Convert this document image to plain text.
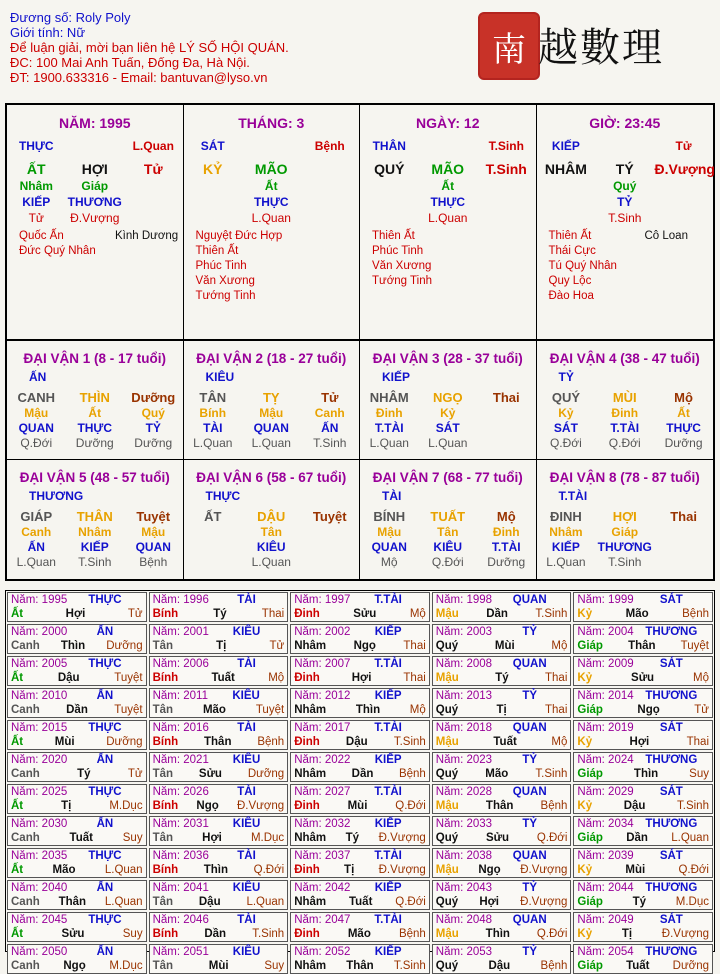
Đương số: Roly Poly
Giới tính: Nữ
Để luận giải, mời bạn liên hệ LÝ SỐ HỘI QUÁN.
ĐC: 100 Mai Anh Tuấn, Đống Đa, Hà Nội.
ĐT: 1900.633316 - Email: bantuvan@lyso.vn
南 越數理
NĂM: 1995
THỰC	L.Quan
ẤT	HỢI	Tử
Nhâm	Giáp
KIẾP	THƯƠNG
Tử	Đ.Vượng
Quốc Ấn
Đức Quý Nhân
Kình Dương
THÁNG: 3
SÁT	Bệnh
KỶ	MÃO
Ất
THỰC
L.Quan
Nguyệt Đức Hợp
Thiên Ất
Phúc Tinh
Văn Xương
Tướng Tinh
NGÀY: 12
THÂN	T.Sinh
QUÝ	MÃO	T.Sinh
Ất
THỰC
L.Quan
Thiên Ất
Phúc Tinh
Văn Xương
Tướng Tinh
GIỜ: 23:45
KIẾP	Tử
NHÂM	TÝ	Đ.Vượng
Quý
TỶ
T.Sinh
Thiên Ất
Thái Cực
Tú Quý Nhân
Quy Lộc
Đào Hoa
Cô Loan
ĐẠI VẬN 1 (8 - 17 tuổi)
ẤN
CANH	THÌN	Dưỡng
Mậu	Ất	Quý
QUAN	THỰC	TỶ
Q.Đới	Dưỡng	Dưỡng
ĐẠI VẬN 2 (18 - 27 tuổi)
KIÊU
TÂN	TỴ	Tử
Bính	Mậu	Canh
TÀI	QUAN	ẤN
L.Quan	L.Quan	T.Sinh
ĐẠI VẬN 3 (28 - 37 tuổi)
KIẾP
NHÂM	NGỌ	Thai
Đinh	Kỷ
T.TÀI	SÁT
L.Quan	L.Quan
ĐẠI VẬN 4 (38 - 47 tuổi)
TỶ
QUÝ	MÙI	Mộ
Kỷ	Đinh	Ất
SÁT	T.TÀI	THỰC
Q.Đới	Q.Đới	Dưỡng
ĐẠI VẬN 5 (48 - 57 tuổi)
THƯƠNG
GIÁP	THÂN	Tuyệt
Canh	Nhâm	Mậu
ẤN	KIẾP	QUAN
L.Quan	T.Sinh	Bệnh
ĐẠI VẬN 6 (58 - 67 tuổi)
THỰC
ẤT	DẬU	Tuyệt
Tân
KIÊU
L.Quan
ĐẠI VẬN 7 (68 - 77 tuổi)
TÀI
BÍNH	TUẤT	Mộ
Mậu	Tân	Đinh
QUAN	KIÊU	T.TÀI
Mộ	Q.Đới	Dưỡng
ĐẠI VẬN 8 (78 - 87 tuổi)
T.TÀI
ĐINH	HỢI	Thai
Nhâm	Giáp
KIẾP	THƯƠNG
L.Quan	T.Sinh
Năm: 1995 THỰC
Ất	Hợi	Tử
Năm: 1996 TÀI
Bính	Tý	Thai
Năm: 1997 T.TÀI
Đinh	Sửu	Mộ
Năm: 1998 QUAN
Mậu Dần T.Sinh
Năm: 1999 SÁT
Kỷ	Mão	Bệnh
Năm: 2000	ẤN
Canh Thìn Dưỡng
Năm: 2001 KIÊU
Tân	Tị	Tử
Năm: 2002 KIẾP
Nhâm Ngọ Thai
Năm: 2003	TỶ
Quý	Mùi	Mộ
Năm: 2004 THƯƠNG
Giáp Thân Tuyệt
Năm: 2005 THỰC
Ất	Dậu	Tuyệt
Năm: 2006 TÀI
Bính	Tuất	Mộ
Năm: 2007 T.TÀI
Đinh	Hợi	Thai
Năm: 2008 QUAN
Mậu	Tý	Thai
Năm: 2009 SÁT
Kỷ	Sửu	Mộ
Năm: 2010	ẤN
Canh Dần Tuyệt
Năm: 2011 KIÊU
Tân	Mão	Tuyệt
Năm: 2012 KIẾP
Nhâm	Thìn	Mộ
Năm: 2013	TỶ
Quý	Tị	Thai
Năm: 2014 THƯƠNG
Giáp	Ngọ	Tử
Năm: 2015 THỰC
Ất	Mùi	Dưỡng
Năm: 2016 TÀI
Bính Thân Bệnh
Năm: 2017 T.TÀI
Đinh Dậu T.Sinh
Năm: 2018 QUAN
Mậu	Tuất	Mộ
Năm: 2019 SÁT
Kỷ	Hợi	Thai
Năm: 2020	ẤN
Canh	Tý	Tử
Năm: 2021 KIÊU
Tân Sửu Dưỡng
Năm: 2022 KIẾP
Nhâm Dần Bệnh
Năm: 2023	TỶ
Quý Mão T.Sinh
Năm: 2024 THƯƠNG
Giáp	Thìn	Suy
Năm: 2025 THỰC
Ất	Tị	M.Dục
Năm: 2026 TÀI
Bính Ngọ Đ.Vượng
Năm: 2027 T.TÀI
Đinh Mùi Q.Đới
Năm: 2028 QUAN
Mậu Thân Bệnh
Năm: 2029 SÁT
Kỷ	Dậu	T.Sinh
Năm: 2030	ẤN
Canh	Tuất	Suy
Năm: 2031 KIÊU
Tân	Hợi	M.Dục
Năm: 2032 KIẾP
Nhâm Tý Đ.Vượng
Năm: 2033	TỶ
Quý Sửu Q.Đới
Năm: 2034 THƯƠNG
Giáp Dần L.Quan
Năm: 2035 THỰC
Ất	Mão	L.Quan
Năm: 2036 TÀI
Bính Thìn Q.Đới
Năm: 2037 T.TÀI
Đinh Tị Đ.Vượng
Năm: 2038 QUAN
Mậu Ngọ Đ.Vượng
Năm: 2039 SÁT
Kỷ	Mùi	Q.Đới
Năm: 2040	ẤN
Canh Thân L.Quan
Năm: 2041 KIÊU
Tân Dậu L.Quan
Năm: 2042 KIẾP
Nhâm Tuất Q.Đới
Năm: 2043	TỶ
Quý Hợi Đ.Vượng
Năm: 2044 THƯƠNG
Giáp	Tý	M.Dục
Năm: 2045 THỰC
Ất	Sửu	Suy
Năm: 2046 TÀI
Bính Dần T.Sinh
Năm: 2047 T.TÀI
Đinh Mão Bệnh
Năm: 2048 QUAN
Mậu Thìn Q.Đới
Năm: 2049 SÁT
Kỷ	Tị	Đ.Vượng
Năm: 2050	ẤN
Canh Ngọ M.Dục
Năm: 2051 KIÊU
Tân	Mùi	Suy
Năm: 2052 KIẾP
Nhâm Thân T.Sinh
Năm: 2053	TỶ
Quý	Dậu	Bệnh
Năm: 2054 THƯƠNG
Giáp Tuất Dưỡng
